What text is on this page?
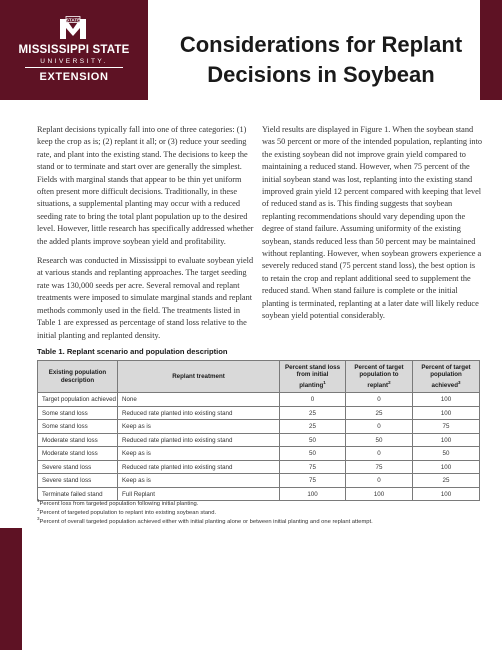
STATE
MISSISSIPPI STATE
UNIVERSITY.
EXTENSION
Considerations for Replant
Decisions in Soybean

Replant decisions typically fall into one of three categories: (1) keep the crop as is; (2) replant it all; or (3) reduce your seeding rate, and plant into the existing stand. The decisions to keep the stand or to terminate and start over are generally the simplest. Fields with marginal stands that appear to be thin yet uniform often present more difficult decisions. Traditionally, in these situations, a supplemental planting may occur with a reduced seeding rate to bring the total plant population up to the desired level. However, little research has specifically addressed whether the added plants improve soybean yield and profitability.

Research was conducted in Mississippi to evaluate soybean yield at various stands and replanting approaches. The target seeding rate was 130,000 seeds per acre. Several removal and replant treatments were imposed to simulate marginal stands and replant methods commonly used in the field. The treatments listed in Table 1 are expressed as percentage of stand loss relative to the initial planting and replanted density.

Yield results are displayed in Figure 1. When the soybean stand was 50 percent or more of the intended population, replanting into the existing soybean did not improve grain yield compared to maintaining a reduced stand. However, when 75 percent of the initial soybean stand was lost, replanting into the existing stand improved grain yield 12 percent compared with keeping that level of reduced stand as is. This finding suggests that soybean replanting recommendations should vary depending upon the degree of stand failure. Assuming uniformity of the existing soybean, stands reduced less than 50 percent may be maintained without replanting. However, when soybean growers experience a severely reduced stand (75 percent stand loss), the best option is to retain the crop and replant additional seed to supplement the reduced stand. When stand failure is complete or the initial planting is terminated, replanting at a later date will likely reduce soybean yield potential considerably.

Table 1. Replant scenario and population description
Existing population description	Replant treatment	Percent stand loss from initial planting$^1$	Percent of target population to replant$^2$	Percent of target population achieved$^3$
Target population achieved	None	0	0	100
Some stand loss	Reduced rate planted into existing stand	25	25	100
Some stand loss	Keep as is	25	0	75
Moderate stand loss	Reduced rate planted into existing stand	50	50	100
Moderate stand loss	Keep as is	50	0	50
Severe stand loss	Reduced rate planted into existing stand	75	75	100
Severe stand loss	Keep as is	75	0	25
Terminate failed stand	Full Replant	100	100	100
$^1$Percent loss from targeted population following initial planting.
$^2$Percent of targeted population to replant into existing soybean stand.
$^3$Percent of overall targeted population achieved either with initial planting alone or between initial planting and one replant attempt.
